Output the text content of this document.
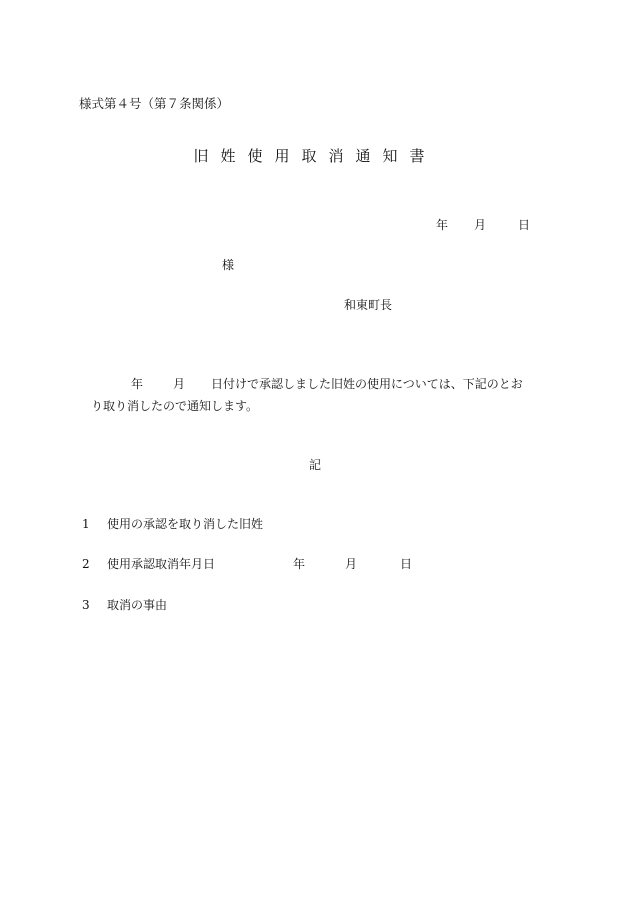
様式第４号（第７条関係）
旧姓使用取消通知書
年 月	日
様
和東町長
年	月 日付けで承認しました旧姓の使用については、下記のとお
り取り消したので通知します。
記
1 使用の承認を取り消した旧姓
2 使用承認取消年月日	年	月	日
3 取消の事由
